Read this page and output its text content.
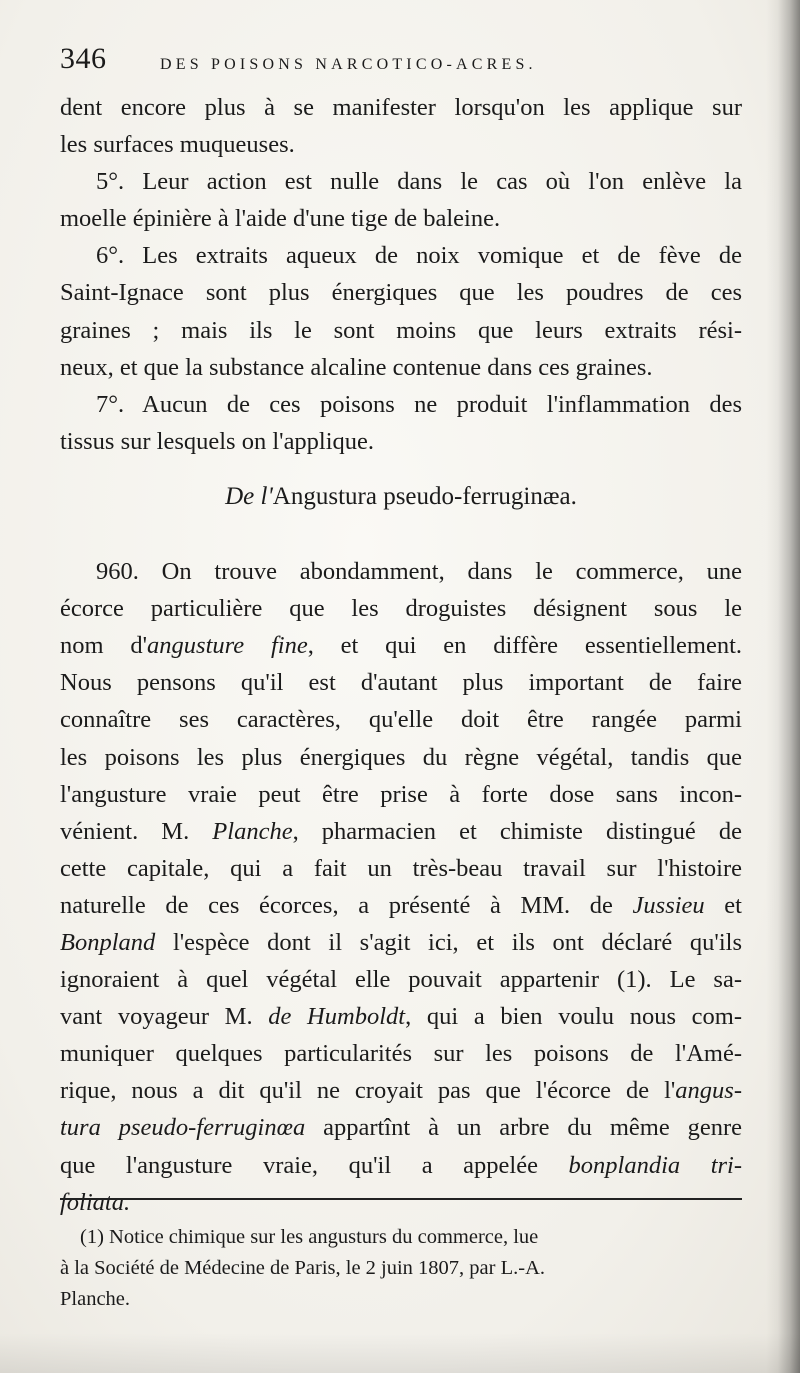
346	DES POISONS NARCOTICO-ACRES.

dent encore plus à se manifester lorsqu'on les applique sur

les surfaces muqueuses.

5°. Leur action est nulle dans le cas où l'on enlève la

moelle épinière à l'aide d'une tige de baleine.

6°. Les extraits aqueux de noix vomique et de fève de

Saint-Ignace sont plus énergiques que les poudres de ces

graines ; mais ils le sont moins que leurs extraits rési-

neux, et que la substance alcaline contenue dans ces graines.

7°. Aucun de ces poisons ne produit l'inflammation des

tissus sur lesquels on l'applique.

De l'Angustura pseudo-ferruginæa.

960. On trouve abondamment, dans le commerce, une

écorce particulière que les droguistes désignent sous le

nom d'angusture fine, et qui en diffère essentiellement.

Nous pensons qu'il est d'autant plus important de faire

connaître ses caractères, qu'elle doit être rangée parmi

les poisons les plus énergiques du règne végétal, tandis que

l'angusture vraie peut être prise à forte dose sans incon-

vénient. M. Planche, pharmacien et chimiste distingué de

cette capitale, qui a fait un très-beau travail sur l'histoire

naturelle de ces écorces, a présenté à MM. de Jussieu et

Bonpland l'espèce dont il s'agit ici, et ils ont déclaré qu'ils

ignoraient à quel végétal elle pouvait appartenir (1). Le sa-

vant voyageur M. de Humboldt, qui a bien voulu nous com-

muniquer quelques particularités sur les poisons de l'Amé-

rique, nous a dit qu'il ne croyait pas que l'écorce de l'angus-

tura pseudo-ferruginœa appartînt à un arbre du même genre

que l'angusture vraie, qu'il a appelée bonplandia tri-

foliata.

(1) Notice chimique sur les angusturs du commerce, lue
à la Société de Médecine de Paris, le 2 juin 1807, par L.-A.
Planche.
